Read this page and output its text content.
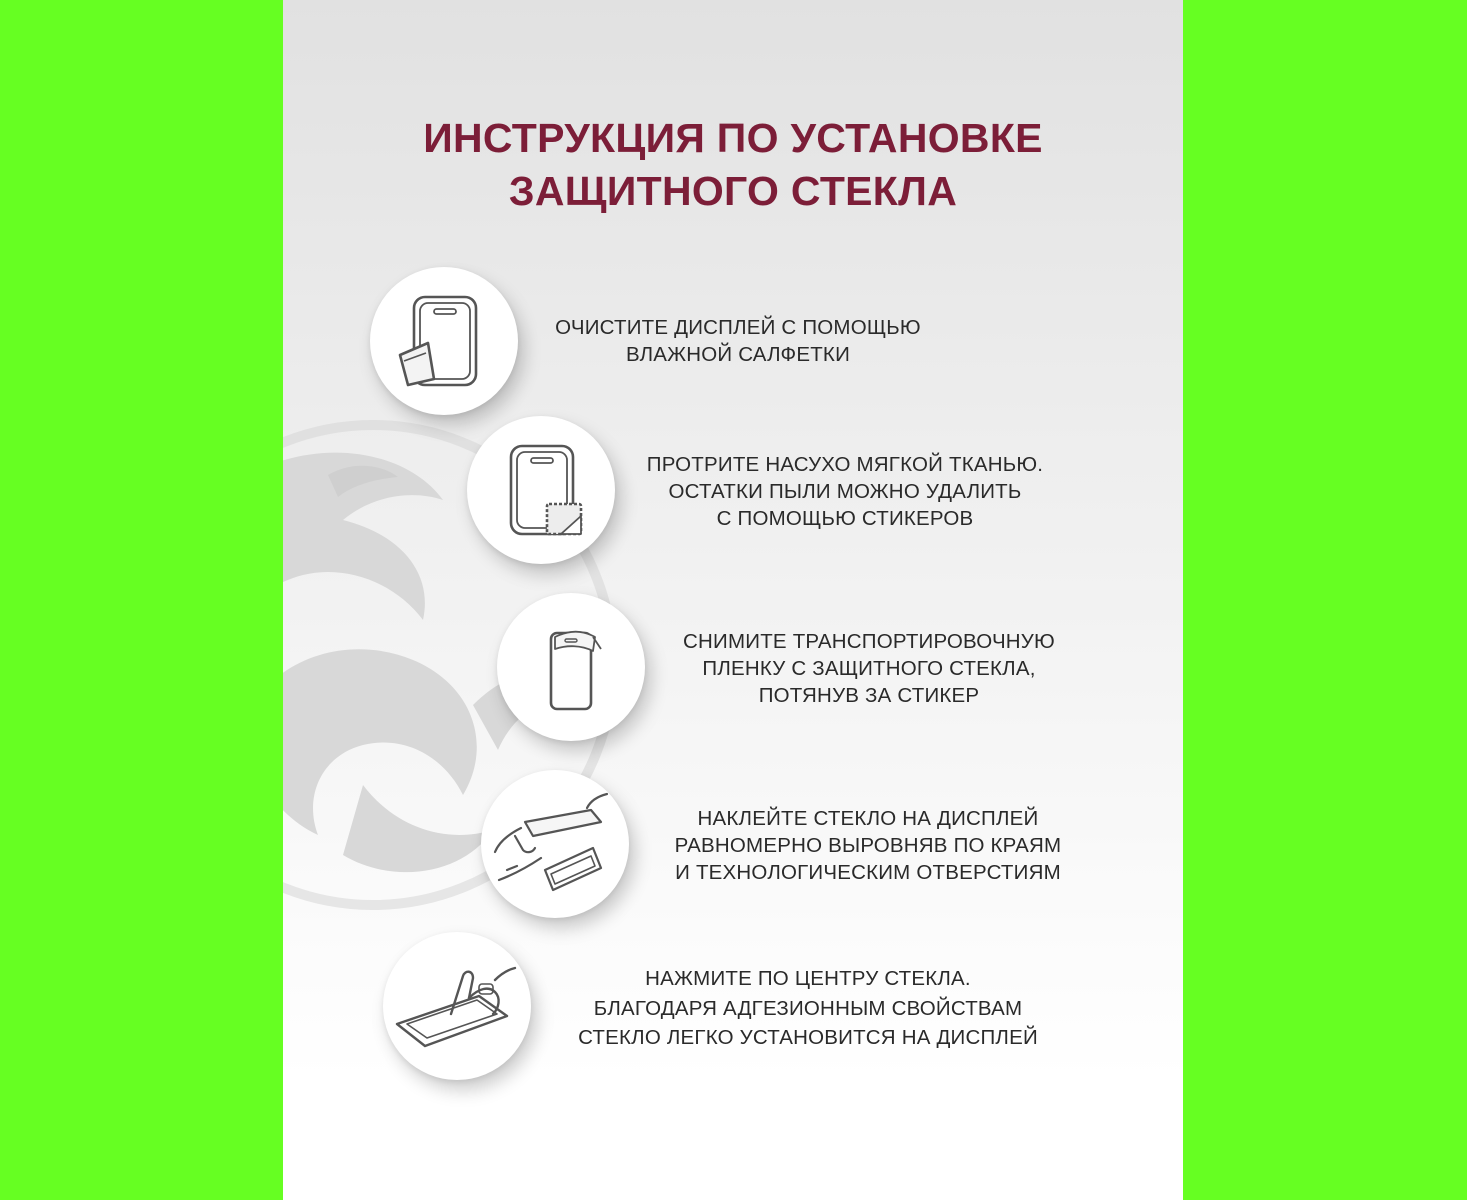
ИНСТРУКЦИЯ ПО УСТАНОВКЕ
ЗАЩИТНОГО СТЕКЛА
ОЧИСТИТЕ ДИСПЛЕЙ С ПОМОЩЬЮ
ВЛАЖНОЙ САЛФЕТКИ
ПРОТРИТЕ НАСУХО МЯГКОЙ ТКАНЬЮ.
ОСТАТКИ ПЫЛИ МОЖНО УДАЛИТЬ
С ПОМОЩЬЮ СТИКЕРОВ
СНИМИТЕ ТРАНСПОРТИРОВОЧНУЮ
ПЛЕНКУ С ЗАЩИТНОГО СТЕКЛА,
ПОТЯНУВ ЗА СТИКЕР
НАКЛЕЙТЕ СТЕКЛО НА ДИСПЛЕЙ
РАВНОМЕРНО ВЫРОВНЯВ ПО КРАЯМ
И ТЕХНОЛОГИЧЕСКИМ ОТВЕРСТИЯМ
НАЖМИТЕ ПО ЦЕНТРУ СТЕКЛА.
БЛАГОДАРЯ АДГЕЗИОННЫМ СВОЙСТВАМ
СТЕКЛО ЛЕГКО УСТАНОВИТСЯ НА ДИСПЛЕЙ
